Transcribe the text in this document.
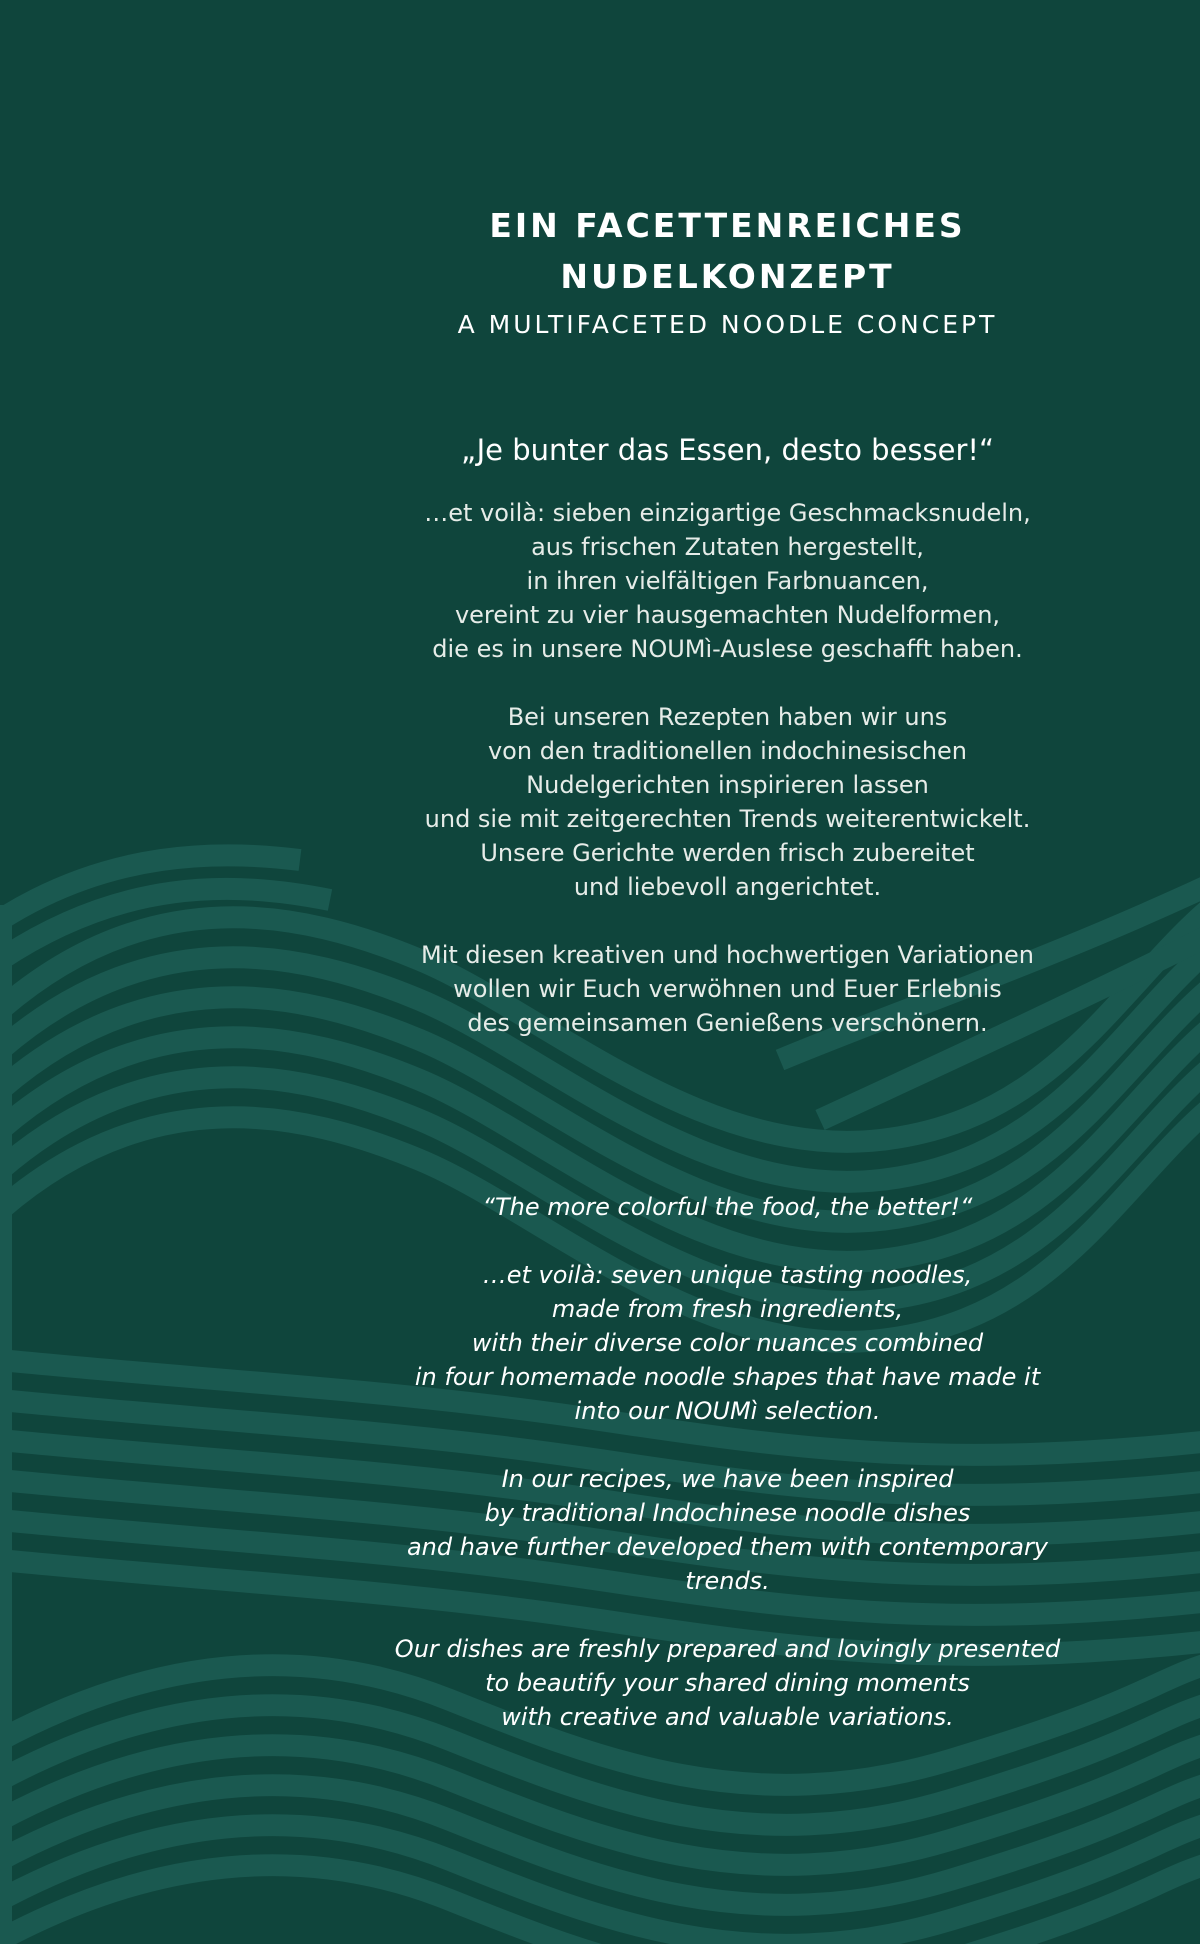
EIN FACETTENREICHES
NUDELKONZEPT
A MULTIFACETED NOODLE CONCEPT
„Je bunter das Essen, desto besser!“

…et voilà: sieben einzigartige Geschmacksnudeln,
aus frischen Zutaten hergestellt,
in ihren vielfältigen Farbnuancen,
vereint zu vier hausgemachten Nudelformen,
die es in unsere NOUMì-Auslese geschafft haben.

Bei unseren Rezepten haben wir uns
von den traditionellen indochinesischen
Nudelgerichten inspirieren lassen
und sie mit zeitgerechten Trends weiterentwickelt.
Unsere Gerichte werden frisch zubereitet
und liebevoll angerichtet.

Mit diesen kreativen und hochwertigen Variationen
wollen wir Euch verwöhnen und Euer Erlebnis
des gemeinsamen Genießens verschönern.

“The more colorful the food, the better!“

…et voilà: seven unique tasting noodles,
made from fresh ingredients,
with their diverse color nuances combined
in four homemade noodle shapes that have made it
into our NOUMì selection.

In our recipes, we have been inspired
by traditional Indochinese noodle dishes
and have further developed them with contemporary
trends.

Our dishes are freshly prepared and lovingly presented
to beautify your shared dining moments
with creative and valuable variations.
